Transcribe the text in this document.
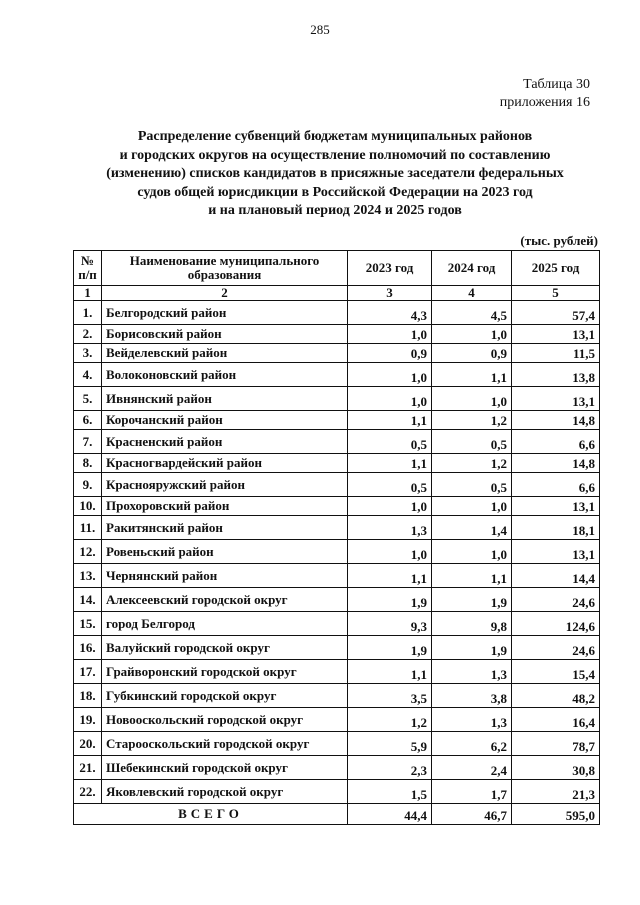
285
Таблица 30
приложения 16
Распределение субвенций бюджетам муниципальных районов
и городских округов на осуществление полномочий по составлению
(изменению) списков кандидатов в присяжные заседатели федеральных
судов общей юрисдикции в Российской Федерации на 2023 год
и на плановый период 2024 и 2025 годов
(тыс. рублей)
№ п/п	Наименование муниципального образования	2023 год	2024 год	2025 год
1	2	3	4	5
1.	Белгородский район	4,3	4,5	57,4
2.	Борисовский район	1,0	1,0	13,1
3.	Вейделевский район	0,9	0,9	11,5
4.	Волоконовский район	1,0	1,1	13,8
5.	Ивнянский район	1,0	1,0	13,1
6.	Корочанский район	1,1	1,2	14,8
7.	Красненский район	0,5	0,5	6,6
8.	Красногвардейский район	1,1	1,2	14,8
9.	Краснояружский район	0,5	0,5	6,6
10.	Прохоровский район	1,0	1,0	13,1
11.	Ракитянский район	1,3	1,4	18,1
12.	Ровеньский район	1,0	1,0	13,1
13.	Чернянский район	1,1	1,1	14,4
14.	Алексеевский городской округ	1,9	1,9	24,6
15.	город Белгород	9,3	9,8	124,6
16.	Валуйский городской округ	1,9	1,9	24,6
17.	Грайворонский городской округ	1,1	1,3	15,4
18.	Губкинский городской округ	3,5	3,8	48,2
19.	Новооскольский городской округ	1,2	1,3	16,4
20.	Старооскольский городской округ	5,9	6,2	78,7
21.	Шебекинский городской округ	2,3	2,4	30,8
22.	Яковлевский городской округ	1,5	1,7	21,3
ВСЕГО		44,4	46,7	595,0
